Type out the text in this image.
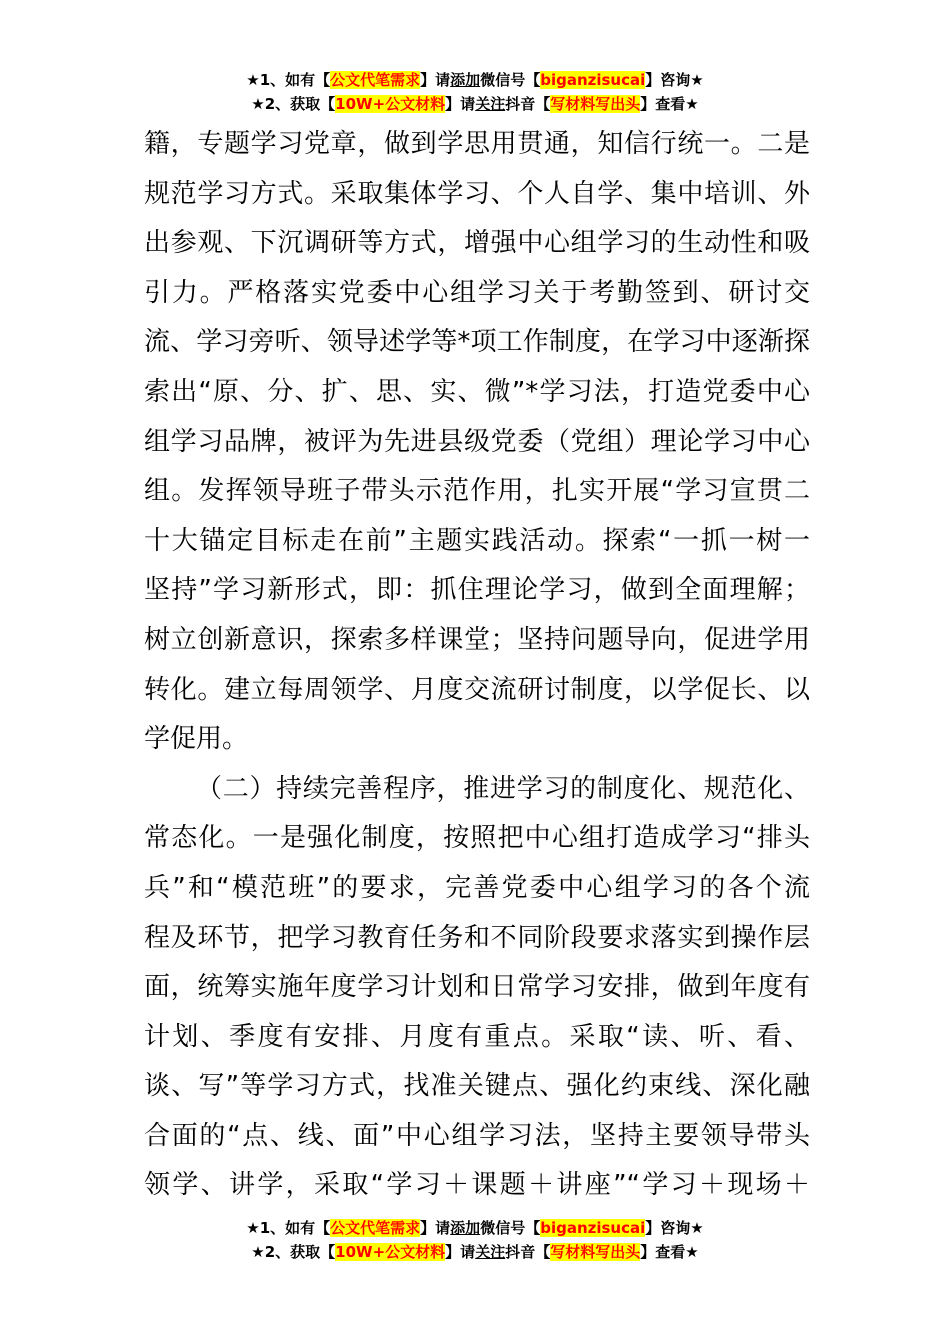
★1、如有【公文代笔需求】请添加微信号【biganzisucai】咨询★
★2、获取【10W+公文材料】请关注抖音【写材料写出头】查看★
籍，专题学习党章，做到学思用贯通，知信行统一。二是
规范学习方式。采取集体学习、个人自学、集中培训、外
出参观、下沉调研等方式，增强中心组学习的生动性和吸
引力。严格落实党委中心组学习关于考勤签到、研讨交
流、学习旁听、领导述学等*项工作制度，在学习中逐渐探
索出“原、分、扩、思、实、微”*学习法，打造党委中心
组学习品牌，被评为先进县级党委（党组）理论学习中心
组。发挥领导班子带头示范作用，扎实开展“学习宣贯二
十大锚定目标走在前”主题实践活动。探索“一抓一树一
坚持”学习新形式，即：抓住理论学习，做到全面理解；
树立创新意识，探索多样课堂；坚持问题导向，促进学用
转化。建立每周领学、月度交流研讨制度，以学促长、以
学促用。
（二）持续完善程序，推进学习的制度化、规范化、
常态化。一是强化制度，按照把中心组打造成学习“排头
兵”和“模范班”的要求，完善党委中心组学习的各个流
程及环节，把学习教育任务和不同阶段要求落实到操作层
面，统筹实施年度学习计划和日常学习安排，做到年度有
计划、季度有安排、月度有重点。采取“读、听、看、
谈、写”等学习方式，找准关键点、强化约束线、深化融
合面的“点、线、面”中心组学习法，坚持主要领导带头
领学、讲学，采取“学习＋课题＋讲座”“学习＋现场＋
★1、如有【公文代笔需求】请添加微信号【biganzisucai】咨询★
★2、获取【10W+公文材料】请关注抖音【写材料写出头】查看★
